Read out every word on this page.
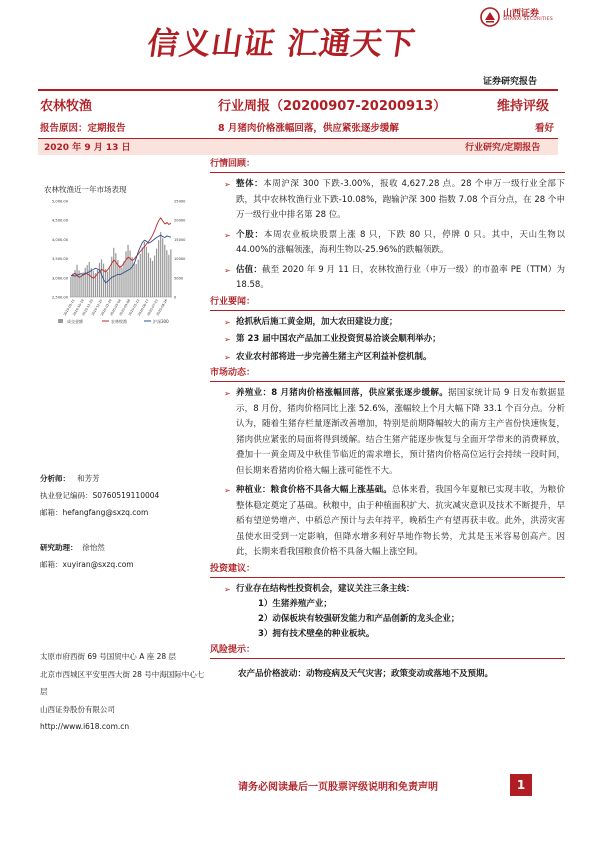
信义山证 汇通天下
山西证券
SHANXI SECURITIES
证券研究报告
农林牧渔	行业周报（20200907-20200913）	维持评级
报告原因：定期报告	8 月猪肉价格涨幅回落，供应紧张逐步缓解	看好
2020 年 9 月 13 日	行业研究/定期报告
农林牧渔近一年市场表现
5,000.00
4,500.00
4,000.00
3,500.00
3,000.00
2,500.00
25000
20000
15000
10000
5000
0
2019-09-11
2019-10-16
2019-11-20
2019-12-25
2020-01-29
2020-03-04
2020-04-08
2020-05-13
2020-06-17
2020-07-22
2020-08-26
成交金额	农林牧渔	沪深300
分析师： 和芳芳
执业登记编码：S0760519110004
邮箱：hefangfang@sxzq.com
研究助理： 徐怡然
邮箱：xuyiran@sxzq.com
太原市府西街 69 号国贸中心 A 座 28 层
北京市西城区平安里西大街 28 号中海国际中心七层
山西证券股份有限公司
http://www.i618.com.cn
行情回顾：
➢ 整体：本周沪深 300 下跌-3.00%，报收 4,627.28 点。28 个申万一级行业全部下跌，其中农林牧渔行业下跌-10.08%，跑输沪深 300 指数 7.08 个百分点，在 28 个申万一级行业中排名第 28 位。
➢ 个股：本周农业板块股票上涨 8 只，下跌 80 只，停牌 0 只。其中，天山生物以 44.00%的涨幅领涨，海利生物以-25.96%的跌幅领跌。
➢ 估值：截至 2020 年 9 月 11 日，农林牧渔行业（申万一级）的市盈率 PE（TTM）为 18.58。
行业要闻：
➢ 抢抓秋后施工黄金期，加大农田建设力度；
➢ 第 23 届中国农产品加工业投资贸易洽谈会顺利举办；
➢ 农业农村部将进一步完善生猪主产区利益补偿机制。
市场动态：
➢ 养殖业：8 月猪肉价格涨幅回落，供应紧张逐步缓解。据国家统计局 9 日发布数据显示，8 月份，猪肉价格同比上涨 52.6%，涨幅较上个月大幅下降 33.1 个百分点。分析认为，随着生猪存栏量逐渐改善增加，特别是前期降幅较大的南方主产省份快速恢复，猪肉供应紧张的局面将得到缓解。结合生猪产能逐步恢复与全面开学带来的消费释放，叠加十一黄金周及中秋佳节临近的需求增长，预计猪肉价格高位运行会持续一段时间，但长期来看猪肉价格大幅上涨可能性不大。
➢ 种植业：粮食价格不具备大幅上涨基础。总体来看，我国今年夏粮已实现丰收，为粮价整体稳定奠定了基础。秋粮中，由于种植面积扩大、抗灾减灾意识及技术不断提升，早稻有望逆势增产、中稻总产预计与去年持平，晚稻生产有望再获丰收。此外，洪涝灾害虽使水田受到一定影响，但降水增多利好旱地作物长势，尤其是玉米容易创高产。因此，长期来看我国粮食价格不具备大幅上涨空间。
投资建议：
➢ 行业存在结构性投资机会，建议关注三条主线：
1）生猪养殖产业；
2）动保板块有较强研发能力和产品创新的龙头企业；
3）拥有技术壁垒的种业板块。
风险提示：
农产品价格波动：动物疫病及天气灾害；政策变动或落地不及预期。
请务必阅读最后一页股票评级说明和免责声明	1
